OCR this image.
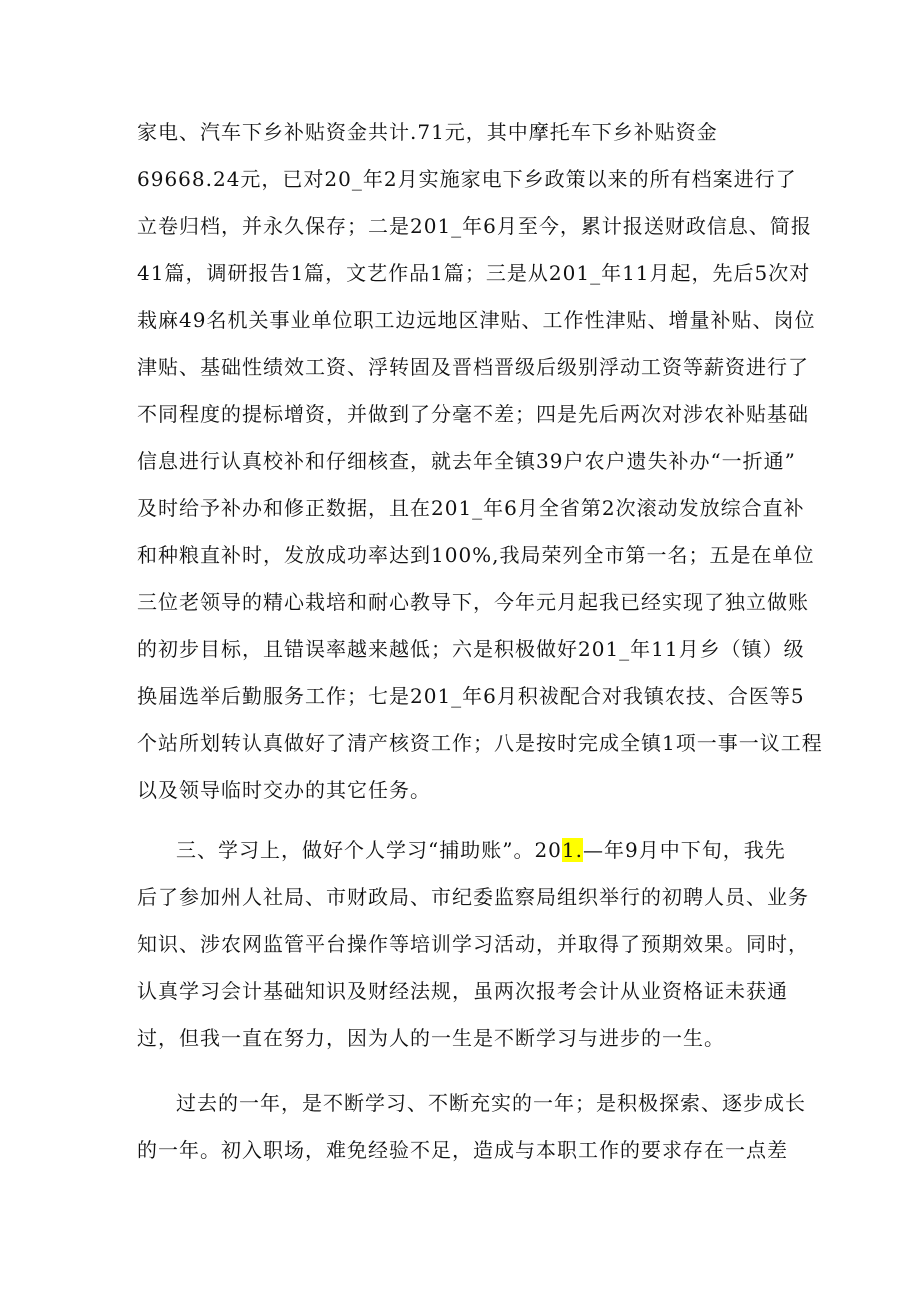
家电、汽车下乡补贴资金共计.71元，其中摩托车下乡补贴资金
69668.24元，已对20_年2月实施家电下乡政策以来的所有档案进行了
立卷归档，并永久保存；二是201_年6月至今，累计报送财政信息、简报
41篇，调研报告1篇，文艺作品1篇；三是从201_年11月起，先后5次对
栽麻49名机关事业单位职工边远地区津贴、工作性津贴、增量补贴、岗位
津贴、基础性绩效工资、浮转固及晋档晋级后级别浮动工资等薪资进行了
不同程度的提标增资，并做到了分毫不差；四是先后两次对涉农补贴基础
信息进行认真校补和仔细核查，就去年全镇39户农户遗失补办“一折通”
及时给予补办和修正数据，且在201_年6月全省第2次滚动发放综合直补
和种粮直补时，发放成功率达到100%,我局荣列全市第一名；五是在单位
三位老领导的精心栽培和耐心教导下，今年元月起我已经实现了独立做账
的初步目标，且错误率越来越低；六是积极做好201_年11月乡（镇）级
换届选举后勤服务工作；七是201_年6月积祓配合对我镇农技、合医等5
个站所划转认真做好了清产核资工作；八是按时完成全镇1项一事一议工程
以及领导临时交办的其它任务。
三、学习上，做好个人学习“捕助账”。201.—年9月中下旬，我先
后了参加州人社局、市财政局、市纪委监察局组织举行的初聘人员、业务
知识、涉农网监管平台操作等培训学习活动，并取得了预期效果。同时，
认真学习会计基础知识及财经法规，虽两次报考会计从业资格证未获通
过，但我一直在努力，因为人的一生是不断学习与进步的一生。
过去的一年，是不断学习、不断充实的一年；是积极探索、逐步成长
的一年。初入职场，难免经验不足，造成与本职工作的要求存在一点差
